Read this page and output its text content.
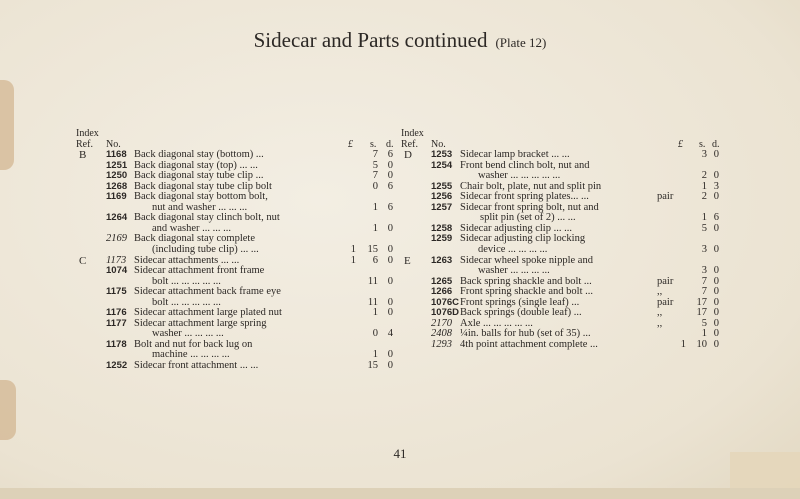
Sidecar and Parts continued (Plate 12)
Index
Ref. No.	£ s. d.
B 1168 Back diagonal stay (bottom) ...	7 6
1251 Back diagonal stay (top) ... ...	5 0
1250 Back diagonal stay tube clip ...	7 0
1268 Back diagonal stay tube clip bolt	0 6
1169 Back diagonal stay bottom bolt,
nut and washer ... ... ...	1 6
1264 Back diagonal stay clinch bolt, nut
and washer ... ... ...	1 0
2169 Back diagonal stay complete
(including tube clip) ... ...	1	15 0
C 1173 Sidecar attachments ... ...	1	6 0
1074 Sidecar attachment front frame
bolt ... ... ... ... ...	11 0
1175 Sidecar attachment back frame eye
bolt ... ... ... ... ...	11 0
1176 Sidecar attachment large plated nut	1 0
1177 Sidecar attachment large spring
washer ... ... ... ...	0 4
1178 Bolt and nut for back lug on
machine ... ... ... ...	1 0
1252 Sidecar front attachment ... ...	15 0
Index
Ref. No.	£ s. d.
D 1253 Sidecar lamp bracket ... ...	3 0
1254 Front bend clinch bolt, nut and
washer ... ... ... ... ...	2 0
1255 Chair bolt, plate, nut and split pin	1 3
1256 Sidecar front spring plates... ...	pair	2 0
1257 Sidecar front spring bolt, nut and
split pin (set of 2) ... ...	1 6
1258 Sidecar adjusting clip ... ...	5 0
1259 Sidecar adjusting clip locking
device ... ... ... ...	3 0
E 1263 Sidecar wheel spoke nipple and
washer ... ... ... ...	3 0
1265 Back spring shackle and bolt ...	pair	7 0
1266 Front spring shackle and bolt ...	,,	7 0
1076C Front springs (single leaf) ...	pair	17 0
1076D Back springs (double leaf) ...	,,	17 0
2170 Axle ... ... ... ... ...	,,	5 0
2408 ¼in. balls for hub (set of 35) ...	1 0
1293 4th point attachment complete ...	1	10 0
41
